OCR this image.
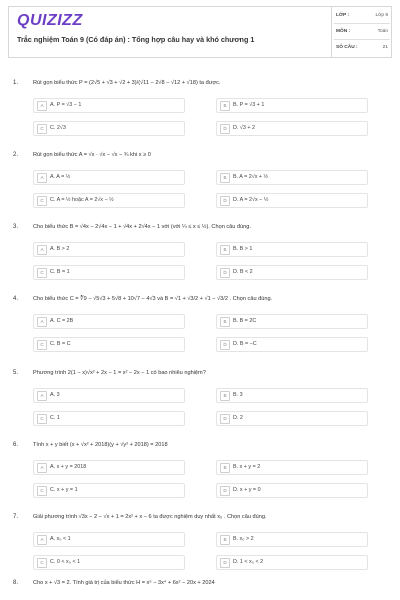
QUIZIZZ
Trắc nghiệm Toán 9 (Có đáp án) : Tổng hợp câu hay và khó chương 1
LỚP :	Lớp 9
MÔN :	Toán
SỐ CÂU :	21
1.	Rút gọn biểu thức P = (2√5 + √3 + √2 + 3)/(√11 − 2√8 − √12 + √18) ta được.
A	A. P = √3 − 1	B	B. P = √3 + 1
C	C. 2√3	D	D. √3 + 2
2.	Rút gọn biểu thức A = √x · √x − √x − ¾ khi x ≥ 0
A	A. A = ½	B	B. A = 2√x + ½
C	C. A = ½ hoặc A = 2√x − ½	D	D. A = 2√x − ½
3.	Cho biểu thức B = √4x − 2√4x − 1 + √4x + 2√4x − 1 với (với ¼ ≤ x ≤ ½). Chọn câu đúng.
A	A. B > 2	B	B. B > 1
C	C. B = 1	D	D. B < 2
4.	Cho biểu thức C = ∛9 − √5√3 + 5√8 + 10√7 − 4√3 và B = √1 + √3/2 + √1 − √3/2 . Chọn câu đúng.
A	A. C = 2B	B	B. B = 2C
C	C. B = C	D	D. B = −C
5.	Phương trình 2(1 − x)√x² + 2x − 1 = x² − 2x − 1 có bao nhiêu nghiệm?
A	A. 3	B	B. 3
C	C. 1	D	D. 2
6.	Tính x + y biết (x + √x² + 2018)(y + √y² + 2018) = 2018
A	A. x + y = 2018	B	B. x + y = 2
C	C. x + y = 1	D	D. x + y = 0
7.	Giải phương trình √3x − 2 − √x + 1 = 2x² + x − 6 ta được nghiệm duy nhất x₀ . Chọn câu đúng.
A	A. x₀ < 1	B	B. x₀ > 2
C	C. 0 < x₀ < 1	D	D. 1 < x₀ < 2
8.	Cho x + √3 = 2. Tính giá trị của biểu thức H = x⁵ − 3x⁴ + 6x² − 20x + 2024
